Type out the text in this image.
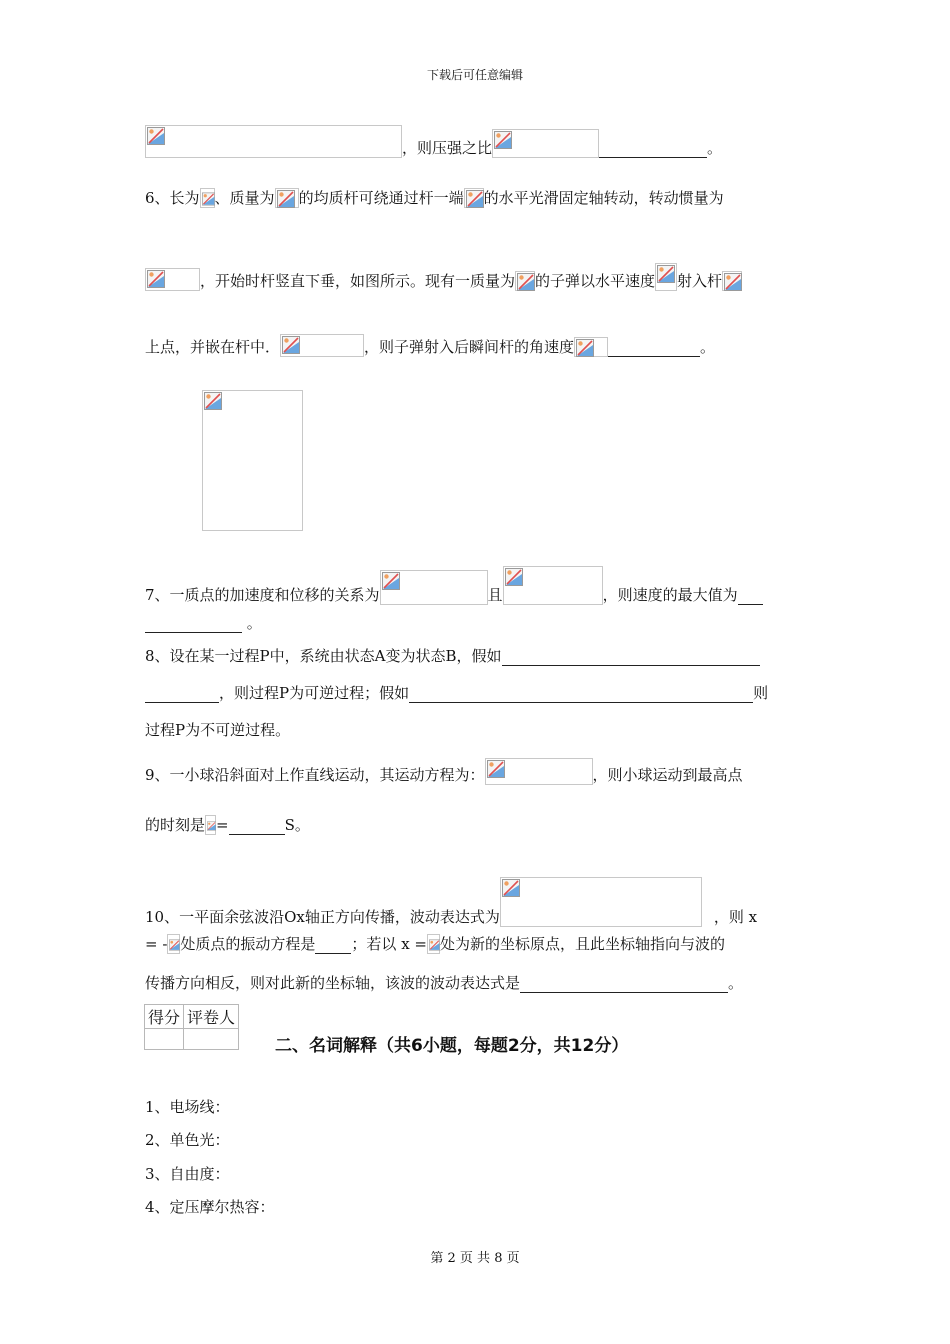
下载后可任意编辑
，则压强之比	。
6、长为 、质量为 的均质杆可绕通过杆一端 的水平光滑固定轴转动，转动惯量为
，开始时杆竖直下垂，如图所示。现有一质量为 的子弹以水平速度 射入杆
上点，并嵌在杆中．	，则子弹射入后瞬间杆的角速度	。
7、一质点的加速度和位移的关系为	且	，则速度的最大值为
。
8、设在某一过程P中，系统由状态A变为状态B，假如
，则过程P为可逆过程；假如	则
过程P为不可逆过程。
9、一小球沿斜面对上作直线运动，其运动方程为：	，则小球运动到最高点
的时刻是 =	S。
10、一平面余弦波沿Ox轴正方向传播，波动表达式为	，则 x
= - 处质点的振动方程是 ；若以 x = 处为新的坐标原点，且此坐标轴指向与波的
传播方向相反，则对此新的坐标轴，该波的波动表达式是	。
得分	评卷人

二、名词解释（共6小题，每题2分，共12分）
1、电场线：
2、单色光：
3、自由度：
4、定压摩尔热容：
第 2 页 共 8 页
